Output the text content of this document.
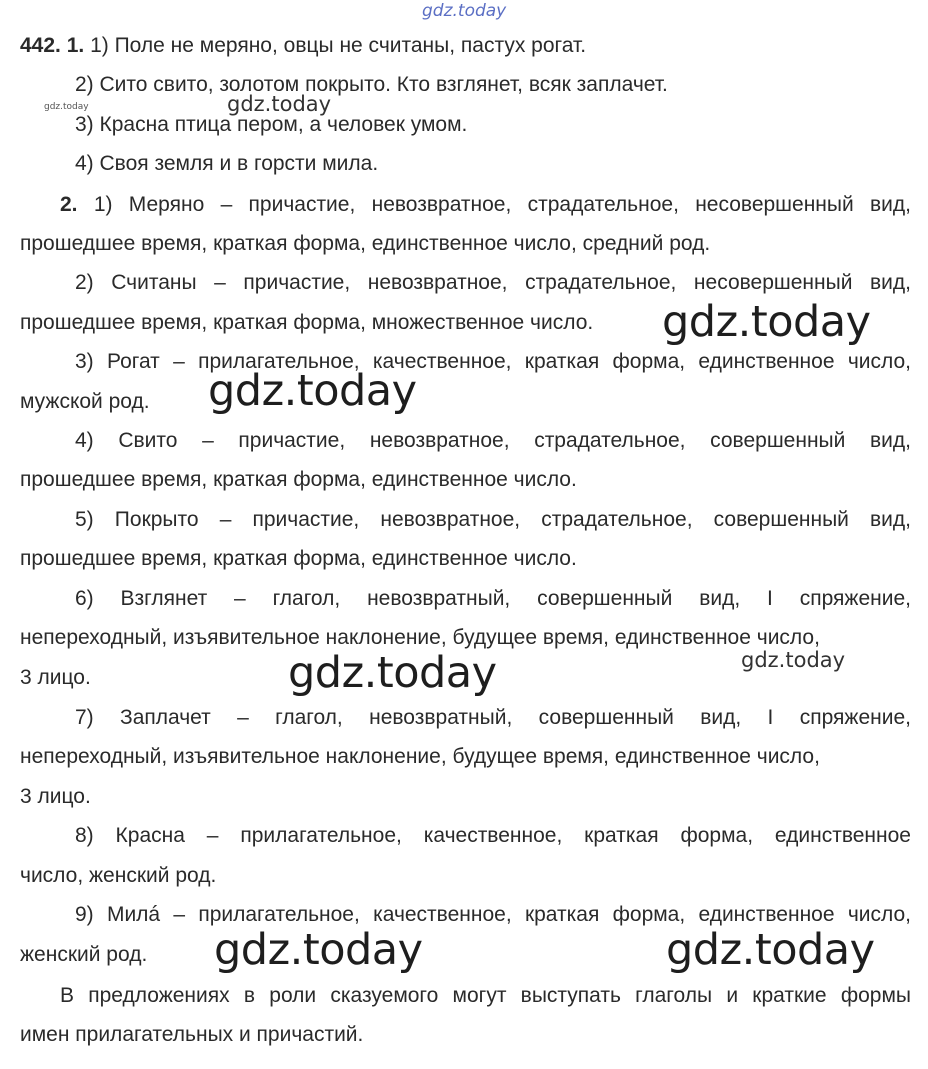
gdz.today
gdz.today	gdz.today
gdz.today
gdz.today
gdz.today	gdz.today
gdz.today	gdz.today
442. 1. 1) Поле не меряно, овцы не считаны, пастух рогат.
2) Сито свито, золотом покрыто. Кто взглянет, всяк заплачет.
3) Красна птица пером, а человек умом.
4) Своя земля и в горсти мила.
2. 1) Меряно – причастие, невозвратное, страдательное, несовершенный вид,
прошедшее время, краткая форма, единственное число, средний род.
2) Считаны – причастие, невозвратное, страдательное, несовершенный вид,
прошедшее время, краткая форма, множественное число.
3) Рогат – прилагательное, качественное, краткая форма, единственное число,
мужской род.
4) Свито – причастие, невозвратное, страдательное, совершенный вид,
прошедшее время, краткая форма, единственное число.
5) Покрыто – причастие, невозвратное, страдательное, совершенный вид,
прошедшее время, краткая форма, единственное число.
6) Взглянет – глагол, невозвратный, совершенный вид, I спряжение,
непереходный, изъявительное наклонение, будущее время, единственное число,
3 лицо.
7) Заплачет – глагол, невозвратный, совершенный вид, I спряжение,
непереходный, изъявительное наклонение, будущее время, единственное число,
3 лицо.
8) Красна – прилагательное, качественное, краткая форма, единственное
число, женский род.
9) Милá – прилагательное, качественное, краткая форма, единственное число,
женский род.
В предложениях в роли сказуемого могут выступать глаголы и краткие формы
имен прилагательных и причастий.
